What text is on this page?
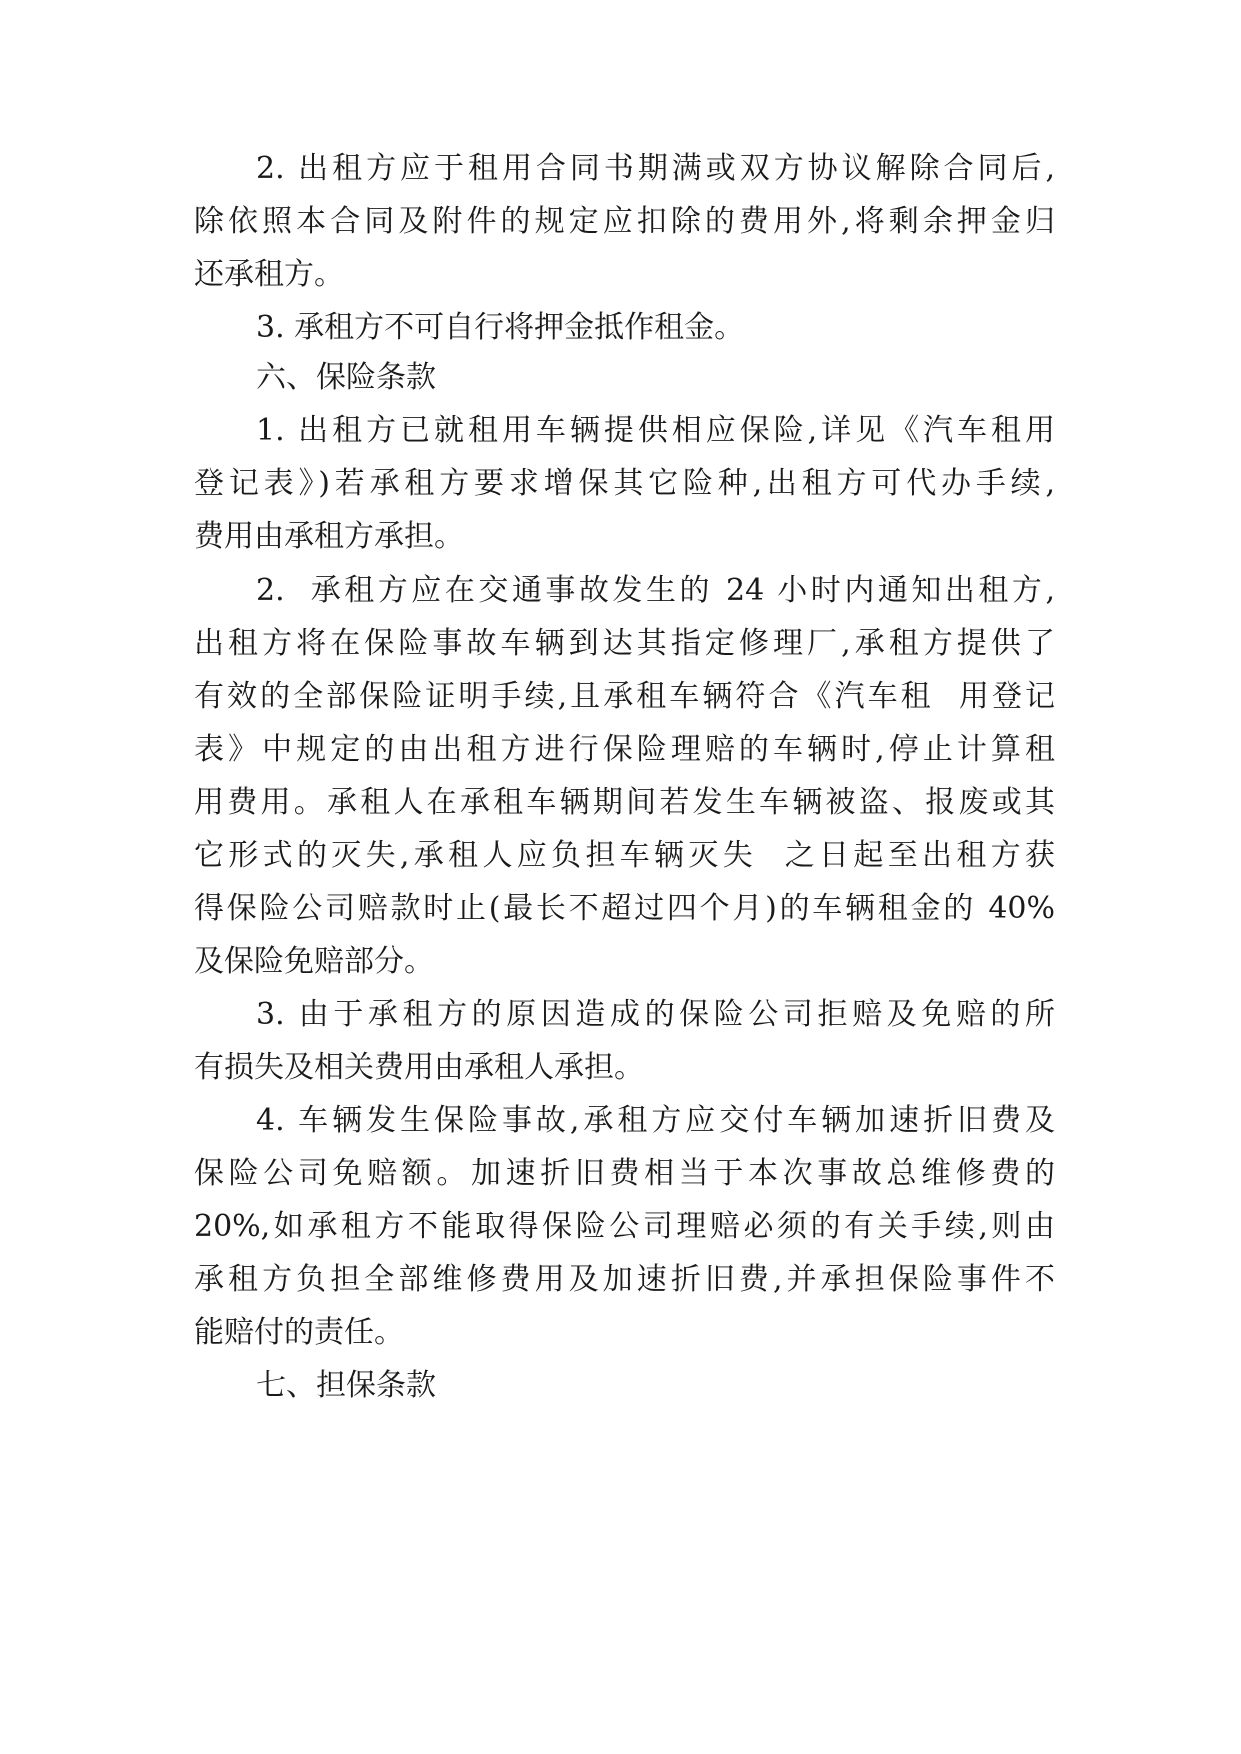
2. 出租方应于租用合同书期满或双方协议解除合同后,
除依照本合同及附件的规定应扣除的费用外,将剩余押金归
还承租方。
3. 承租方不可自行将押金抵作租金。
六、保险条款
1. 出租方已就租用车辆提供相应保险,详见《汽车租用
登记表》)若承租方要求增保其它险种,出租方可代办手续,
费用由承租方承担。
2.  承租方应在交通事故发生的 24 小时内通知出租方,
出租方将在保险事故车辆到达其指定修理厂,承租方提供了
有效的全部保险证明手续,且承租车辆符合《汽车租  用登记
表》中规定的由出租方进行保险理赔的车辆时,停止计算租
用费用。承租人在承租车辆期间若发生车辆被盗、报废或其
它形式的灭失,承租人应负担车辆灭失  之日起至出租方获
得保险公司赔款时止(最长不超过四个月)的车辆租金的 40%
及保险免赔部分。
3. 由于承租方的原因造成的保险公司拒赔及免赔的所
有损失及相关费用由承租人承担。
4. 车辆发生保险事故,承租方应交付车辆加速折旧费及
保险公司免赔额。加速折旧费相当于本次事故总维修费的
20%,如承租方不能取得保险公司理赔必须的有关手续,则由
承租方负担全部维修费用及加速折旧费,并承担保险事件不
能赔付的责任。
七、担保条款
